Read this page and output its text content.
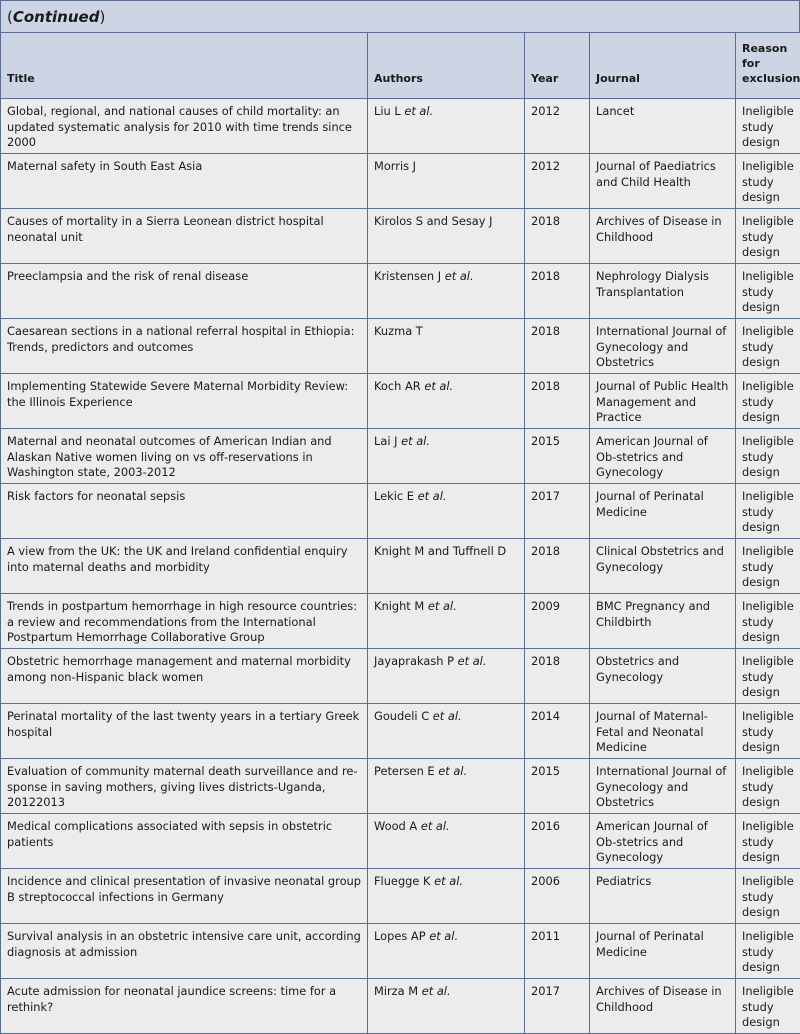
(Continued)
Title	Authors	Year	Journal	Reason for exclusion
Global, regional, and national causes of child mortality: an updated systematic analysis for 2010 with time trends since 2000	Liu L et al.	2012	Lancet	Ineligible study design
Maternal safety in South East Asia	Morris J	2012	Journal of Paediatrics and Child Health	Ineligible study design
Causes of mortality in a Sierra Leonean district hospital neonatal unit	Kirolos S and Sesay J	2018	Archives of Disease in Childhood	Ineligible study design
Preeclampsia and the risk of renal disease	Kristensen J et al.	2018	Nephrology Dialysis Transplantation	Ineligible study design
Caesarean sections in a national referral hospital in Ethiopia: Trends, predictors and outcomes	Kuzma T	2018	International Journal of Gynecology and Obstetrics	Ineligible study design
Implementing Statewide Severe Maternal Morbidity Review: the Illinois Experience	Koch AR et al.	2018	Journal of Public Health Management and Practice	Ineligible study design
Maternal and neonatal outcomes of American Indian and Alaskan Native women living on vs off-reservations in Washington state, 2003-2012	Lai J et al.	2015	American Journal of Ob-stetrics and Gynecology	Ineligible study design
Risk factors for neonatal sepsis	Lekic E et al.	2017	Journal of Perinatal Medicine	Ineligible study design
A view from the UK: the UK and Ireland confidential enquiry into maternal deaths and morbidity	Knight M and Tuffnell D	2018	Clinical Obstetrics and Gynecology	Ineligible study design
Trends in postpartum hemorrhage in high resource countries: a review and recommendations from the International Postpartum Hemorrhage Collaborative Group	Knight M et al.	2009	BMC Pregnancy and Childbirth	Ineligible study design
Obstetric hemorrhage management and maternal morbidity among non-Hispanic black women	Jayaprakash P et al.	2018	Obstetrics and Gynecology	Ineligible study design
Perinatal mortality of the last twenty years in a tertiary Greek hospital	Goudeli C et al.	2014	Journal of Maternal-Fetal and Neonatal Medicine	Ineligible study design
Evaluation of community maternal death surveillance and re-sponse in saving mothers, giving lives districts-Uganda, 20122013	Petersen E et al.	2015	International Journal of Gynecology and Obstetrics	Ineligible study design
Medical complications associated with sepsis in obstetric patients	Wood A et al.	2016	American Journal of Ob-stetrics and Gynecology	Ineligible study design
Incidence and clinical presentation of invasive neonatal group B streptococcal infections in Germany	Fluegge K et al.	2006	Pediatrics	Ineligible study design
Survival analysis in an obstetric intensive care unit, according diagnosis at admission	Lopes AP et al.	2011	Journal of Perinatal Medicine	Ineligible study design
Acute admission for neonatal jaundice screens: time for a rethink?	Mirza M et al.	2017	Archives of Disease in Childhood	Ineligible study design
